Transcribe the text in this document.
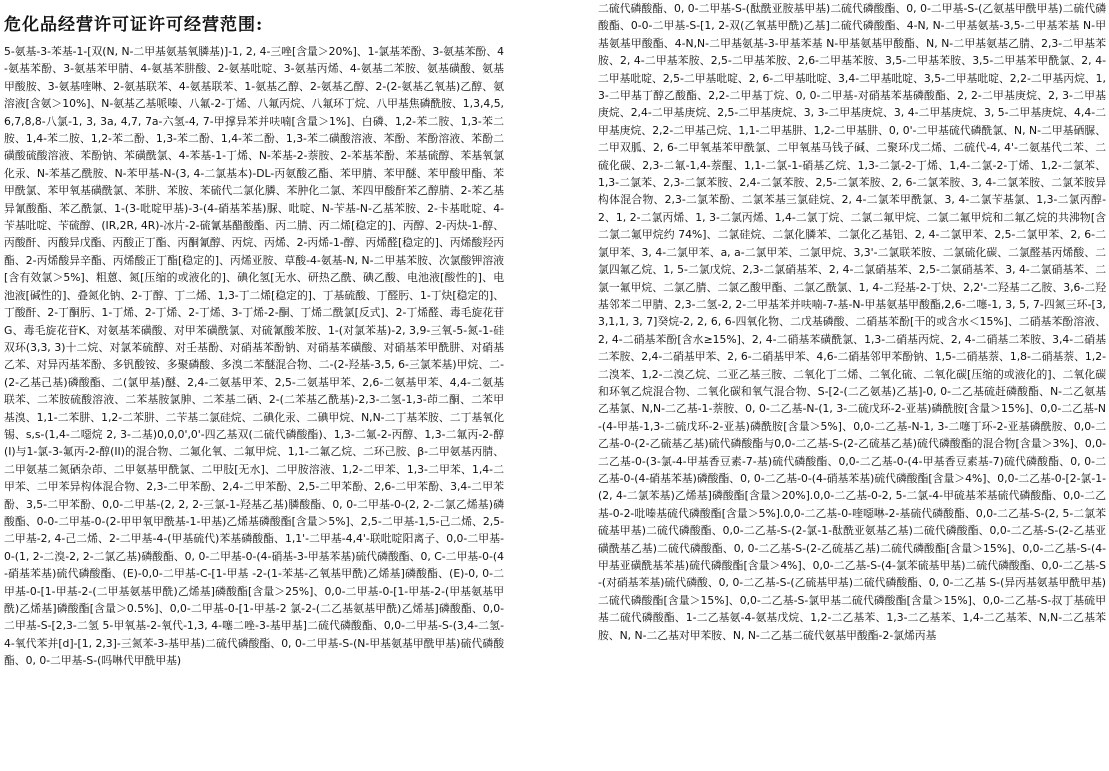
危化品经营许可证许可经营范围:

5-氨基-3-苯基-1-[双(N, N-二甲基氨基氧膦基)]-1, 2, 4-三唑[含量＞20%]、1-氯基苯酚、3-氨基苯酚、4-氨基苯酚、3-氨基苯甲腈、4-氨基苯肼酸、2-氨基吡啶、3-氨基丙烯、4-氨基二苯胺、氨基磺酸、氨基甲酸胺、3-氨基喹啉、2-氨基联苯、4-氨基联苯、1-氨基乙醇、2-氨基乙醇、2-(2-氨基乙氧基)乙醇、氨溶液[含氨＞10%]、N-氨基乙基哌嗪、八氟-2-丁烯、八氟丙烷、八氟环丁烷、八甲基焦磷酰胺、1,3,4,5,6,7,8,8-八氯-1, 3, 3a, 4,7, 7a-六氢-4, 7-甲撑异苯并呋喃[含量＞1%]、白磷、1,2-苯二胺、1,3-苯二胺、1,4-苯二胺、1,2-苯二酚、1,3-苯二酚、1,4-苯二酚、1,3-苯二磺酸溶液、苯酚、苯酚溶液、苯酚二磺酸硫酸溶液、苯酚钠、苯磺酰氯、4-苯基-1-丁烯、N-苯基-2-萘胺、2-苯基苯酚、苯基硫醇、苯基氧氯化汞、N-苯基乙酰胺、N-苯甲基-N-(3, 4-二氯基本)-DL-丙氨酸乙酯、苯甲腈、苯甲醚、苯甲酸甲酯、苯甲酰氯、苯甲氧基磺酰氯、苯肼、苯胺、苯硫代二氯化膦、苯肿化二氯、苯四甲酸酐苯乙醇腈、2-苯乙基异氰酸酯、苯乙酰氯、1-(3-吡啶甲基)-3-(4-硝基苯基)脲、吡啶、N-苄基-N-乙基苯胺、2-卡基吡啶、4-苄基吡啶、苄硫醇、(IR,2R, 4R)-冰片-2-硫氰基醋酸酯、丙二腈、丙二烯[稳定的]、丙醇、2-丙炔-1-醇、丙酸酐、丙酸异戊酯、丙酸正丁酯、丙酮氰醇、丙烷、丙烯、2-丙烯-1-醇、丙烯醛[稳定的]、丙烯酸羟丙酯、2-丙烯酸异辛酯、丙烯酸正丁酯[稳定的]、丙烯亚胺、草酸-4-氨基-N, N-二甲基苯胺、次氯酸钾溶液[含有效氯＞5%]、粗蒽、氮[压缩的或液化的]、碘化氢[无水、研热乙酰、碘乙酸、电池液[酸性的]、电池液[碱性的]、叠氮化钠、2-丁醇、丁二烯、1,3-丁二烯[稳定的]、丁基硫酸、丁醛肟、1-丁炔[稳定的]、丁酸酐、2-丁酮肟、1-丁烯、2-丁烯、2-丁烯、3-丁烯-2-酮、丁烯二酰氯[反式]、2-丁烯醛、毒毛旋花苷G、毒毛旋花苷K、对氨基苯磺酸、对甲苯磺酰氯、对硫氰酸苯胺、1-(对氯苯基)-2, 3,9-三氧-5-氮-1-硅双环(3,3, 3)十二烷、对氯苯硫醇、对壬基酚、对硝基苯酚钠、对硝基苯磺酸、对硝基苯甲酰肼、对硝基乙苯、对异丙基苯酚、多钒酸铵、多聚磷酸、多溴二苯醚混合物、二-(2-羟基-3,5, 6-三氯苯基)甲烷、二-(2-乙基己基)磷酸酯、二(氯甲基)醚、2,4-二氨基甲苯、2,5-二氨基甲苯、2,6-二氨基甲苯、4,4-二氨基联苯、二苯胺硫酸溶液、二苯基胺氯胂、二苯基二硒、2-(二苯基乙酰基)-2,3-二氢-1,3-茚二酮、二苯甲基溴、1,1-二苯肼、1,2-二苯肼、二苄基二氯硅烷、二碘化汞、二碘甲烷、N,N-二丁基苯胺、二丁基氧化锡、s,s-(1,4-二噁烷 2, 3-二基)0,0,0',0'-四乙基双(二硫代磷酸酯)、1,3-二氟-2-丙醇、1,3-二氟丙-2-醇(I)与1-氯-3-氟丙-2-醇(II)的混合物、二氟化氧、二氟甲烷、1,1-二氟乙烷、二环己胺、β-二甲氨基丙腈、二甲氨基二氮硒杂茚、二甲氨基甲酰氯、二甲肢[无水]、二甲胺溶液、1,2-二甲苯、1,3-二甲苯、1,4-二甲苯、二甲苯异构体混合物、2,3-二甲苯酚、2,4-二甲苯酚、2,5-二甲苯酚、2,6-二甲苯酚、3,4-二甲苯酚、3,5-二甲苯酚、0,0-二甲基-(2, 2, 2-三氯-1-羟基乙基)膦酸酯、0, 0-二甲基-0-(2, 2-二氯乙烯基)磷酸酯、0-0-二甲基-0-(2-甲甲氧甲酰基-1-甲基)乙烯基磷酸酯[含量＞5%]、2,5-二甲基-1,5-己二烯、2,5-二甲基-2, 4-己二烯、2-二甲基-4-(甲基硫代)苯基磷酸酯、1,1'-二甲基-4,4'-联吡啶阳离子、0,0-二甲基-0-(1, 2-二溴-2, 2-二氯乙基)磷酸酯、0, 0-二甲基-0-(4-硝基-3-甲基苯基)硫代磷酸酯、0, C-二甲基-0-(4-硝基苯基)硫代磷酸酯、(E)-0,0-二甲基-C-[1-甲基 -2-(1-苯基-乙氧基甲酰)乙烯基]磷酸酯、(E)-0, 0-二甲基-0-[1-甲基-2-(二甲基氨基甲酰)乙烯基]磷酸酯[含量＞25%]、0,0-二甲基-0-[1-甲基-2-(甲基氨基甲酰)乙烯基]磷酸酯[含量＞0.5%]、0,0-二甲基-0-[1-甲基-2 氯-2-(二乙基氨基甲酰)乙烯基]磷酸酯、0,0-二甲基-S-[2,3-二氢 5-甲氧基-2-氧代-1,3, 4-噻二唑-3-基甲基]二硫代磷酸酯、0,0-二甲基-S-(3,4-二氢-4-氧代苯并[d]-[1, 2,3]-三氮苯-3-基甲基)二硫代磷酸酯、0, 0-二甲基-S-(N-甲基氨基甲酰甲基)硫代磷酸酯、0, 0-二甲基-S-(吗啉代甲酰甲基)

二硫代磷酸酯、0, 0-二甲基-S-(酞酰亚胺基甲基)二硫代磷酸酯、0, 0-二甲基-S-(乙氨基甲酰甲基)二硫代磷酸酯、0-0-二甲基-S-[1, 2-双(乙氧基甲酰)乙基]二硫代磷酸酯、4-N, N-二甲基氨基-3,5-二甲基苯基 N-甲基氨基甲酸酯、4-N,N-二甲基氨基-3-甲基苯基 N-甲基氨基甲酸酯、N, N-二甲基氨基乙腈、2,3-二甲基苯胺、2, 4-二甲基苯胺、2,5-二甲基苯胺、2,6-二甲基苯胺、3,5-二甲基苯胺、3,5-二甲基苯甲酰氯、2, 4-二甲基吡啶、2,5-二甲基吡啶、2, 6-二甲基吡啶、3,4-二甲基吡啶、3,5-二甲基吡啶、2,2-二甲基丙烷、1,3-二甲基丁醇乙酸酯、2,2-二甲基丁烷、0, 0-二甲基-对硝基苯基磷酸酯、2, 2-二甲基庚烷、2, 3-二甲基庚烷、2,4-二甲基庚烷、2,5-二甲基庚烷、3, 3-二甲基庚烷、3, 4-二甲基庚烷、3, 5-二甲基庚烷、4,4-二甲基庚烷、2,2-二甲基己烷、1,1-二甲基肼、1,2-二甲基肼、0, 0'-二甲基硫代磷酰氯、N, N-二甲基硒脲、二甲双胍、2, 6-二甲氧基苯甲酰氯、二甲氧基马钱子碱、二聚环戊二烯、二硫代-4, 4'-二氨基代二苯、二硫化碳、2,3-二氟-1,4-萘醌、1,1-二氯-1-硝基乙烷、1,3-二氯-2-丁烯、1,4-二氯-2-丁烯、1,2-二氯苯、1,3-二氯苯、2,3-二氯苯胺、2,4-二氯苯胺、2,5-二氯苯胺、2, 6-二氯苯胺、3, 4-二氯苯胺、二氯苯胺异构体混合物、2,3-二氯苯酚、二氯苯基三氯硅烷、2, 4-二氯苯甲酰氯、3, 4-二氯苄基氯、1,3-二氯丙醇-2、1, 2-二氯丙烯、1, 3-二氯丙烯、1,4-二氯丁烷、二氯二氟甲烷、二氯二氟甲烷和二氟乙烷的共沸物[含二氯二氟甲烷约 74%]、二氯硅烷、二氯化膦苯、二氯化乙基铝、2, 4-二氯甲苯、2,5-二氯甲苯、2, 6-二氯甲苯、3, 4-二氯甲苯、a, a-二氯甲苯、二氯甲烷、3,3'-二氯联苯胺、二氯硫化碳、二氯醛基丙烯酸、二氯四氟乙烷、1, 5-二氯戊烷、2,3-二氯硝基苯、2, 4-二氯硝基苯、2,5-二氯硝基苯、3, 4-二氯硝基苯、二氯一氟甲烷、二氯乙腈、二氯乙酸甲酯、二氯乙酰氯、1, 4-二羟基-2-丁炔、2,2'-二羟基二乙胺、3,6-二羟基邻苯二甲腈、2,3-二氢-2, 2-二甲基苯并呋喃-7-基-N-甲基氨基甲酸酯,2,6-二噻-1, 3, 5, 7-四氮三环-[3, 3,1,1, 3, 7]癸烷-2, 2, 6, 6-四氧化物、二戊基磷酸、二硝基苯酚[干的或含水＜15%]、二硝基苯酚溶液、2, 4-二硝基苯酚[含水≥15%]、2, 4-二硝基苯磺酰氯、1,3-二硝基丙烷、2, 4-二硝基二苯胺、3,4-二硝基二苯胺、2,4-二硝基甲苯、2, 6-二硝基甲苯、4,6-二硝基邻甲苯酚钠、1,5-二硝基萘、1,8-二硝基萘、1,2-二溴苯、1,2-二溴乙烷、二亚乙基三胺、二氧化丁二烯、二氧化硫、二氧化碳[压缩的或液化的]、二氧化碳和环氧乙烷混合物、二氧化碳和氧气混合物、S-[2-(二乙氨基)乙基]-0, 0-二乙基硫赶磷酸酯、N-二乙氨基乙基氯、N,N-二乙基-1-萘胺、0, 0-二乙基-N-(1, 3-二硫戊环-2-亚基)磷酰胺[含量＞15%]、0,0-二乙基-N-(4-甲基-1,3-二硫戊环-2-亚基)磷酰胺[含量＞5%]、0,0-二乙基-N-1, 3-二噻丁环-2-亚基磷酰胺、0,0-二乙基-0-(2-乙硫基乙基)硫代磷酸酯与0,0-二乙基-S-(2-乙硫基乙基)硫代磷酸酯的混合物[含量＞3%]、0,0-二乙基-0-(3-氯-4-甲基香豆素-7-基)硫代磷酸酯、0,0-二乙基-0-(4-甲基香豆素基-7)硫代磷酸酯、0, 0-二乙基-0-(4-硝基苯基)磷酸酯、0, 0-二乙基-0-(4-硝基苯基)硫代磷酸酯[含量＞4%]、0,0-二乙基-0-[2-氯-1-(2, 4-二氯苯基)乙烯基]磷酸酯[含量＞20%].0,0-二乙基-0-2, 5-二氯-4-甲硫基苯基硫代磷酸酯、0,0-二乙基-0-2-吡嗪基硫代磷酸酯[含量＞5%].0,0-二乙基-0-喹噁啉-2-基硫代磷酸酯、0,0-二乙基-S-(2, 5-二氯苯硫基甲基)二硫代磷酸酯、0,0-二乙基-S-(2-氯-1-酞酰亚氨基乙基)二硫代磷酸酯、0,0-二乙基-S-(2-乙基亚磺酰基乙基)二硫代磷酸酯、0, 0-二乙基-S-(2-乙硫基乙基)二硫代磷酸酯[含量＞15%]、0,0-二乙基-S-(4-甲基亚磺酰基苯基)硫代磷酸酯[含量＞4%]、0,0-二乙基-S-(4-氯苯硫基甲基)二硫代磷酸酯、0,0-二乙基-S-(对硝基苯基)硫代磷酸、0, 0-二乙基-S-(乙硫基甲基)二硫代磷酸酯、0, 0-二乙基 S-(异丙基氨基甲酰甲基)二硫代磷酸酯[含量＞15%]、0,0-二乙基-S-氯甲基二硫代磷酸酯[含量＞15%]、0,0-二乙基-S-叔丁基硫甲基二硫代磷酸酯、1-二乙基氨-4-氨基戊烷、1,2-二乙基苯、1,3-二乙基苯、1,4-二乙基苯、N,N-二乙基苯胺、N, N-二乙基对甲苯胺、N, N-二乙基二硫代氨基甲酸酯-2-氯烯丙基
